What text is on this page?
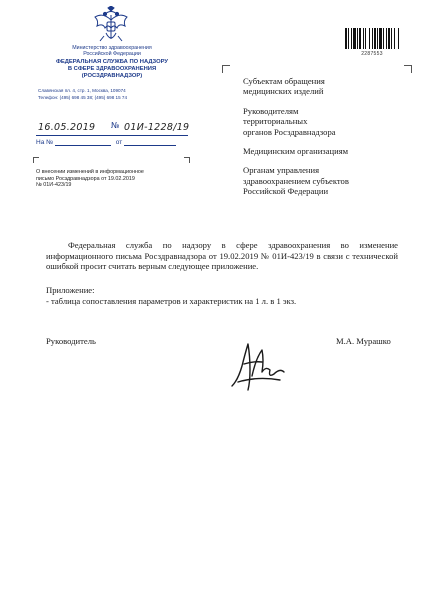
Министерство здравоохранения
Российской Федерации
ФЕДЕРАЛЬНАЯ СЛУЖБА ПО НАДЗОРУ
В СФЕРЕ ЗДРАВООХРАНЕНИЯ
(РОСЗДРАВНАДЗОР)
Славянская пл. 4, стр. 1, Москва, 109074
Телефон: (495) 698 45 38; (495) 698 15 74
16.05.2019 № 01И-1228/19
На №	от
О внесении изменений в информационное
письмо Росздравнадзора от 19.02.2019
№ 01И-423/19
2287553
Субъектам обращения
медицинских изделий
Руководителям
территориальных
органов Росздравнадзора
Медицинским организациям
Органам управления
здравоохранением субъектов
Российской Федерации
Федеральная служба по надзору в сфере здравоохранения во изменение информационного письма Росздравнадзора от 19.02.2019 № 01И-423/19 в связи с технической ошибкой просит считать верным следующее приложение.
Приложение:
- таблица сопоставления параметров и характеристик на 1 л. в 1 экз.
Руководитель	М.А. Мурашко
